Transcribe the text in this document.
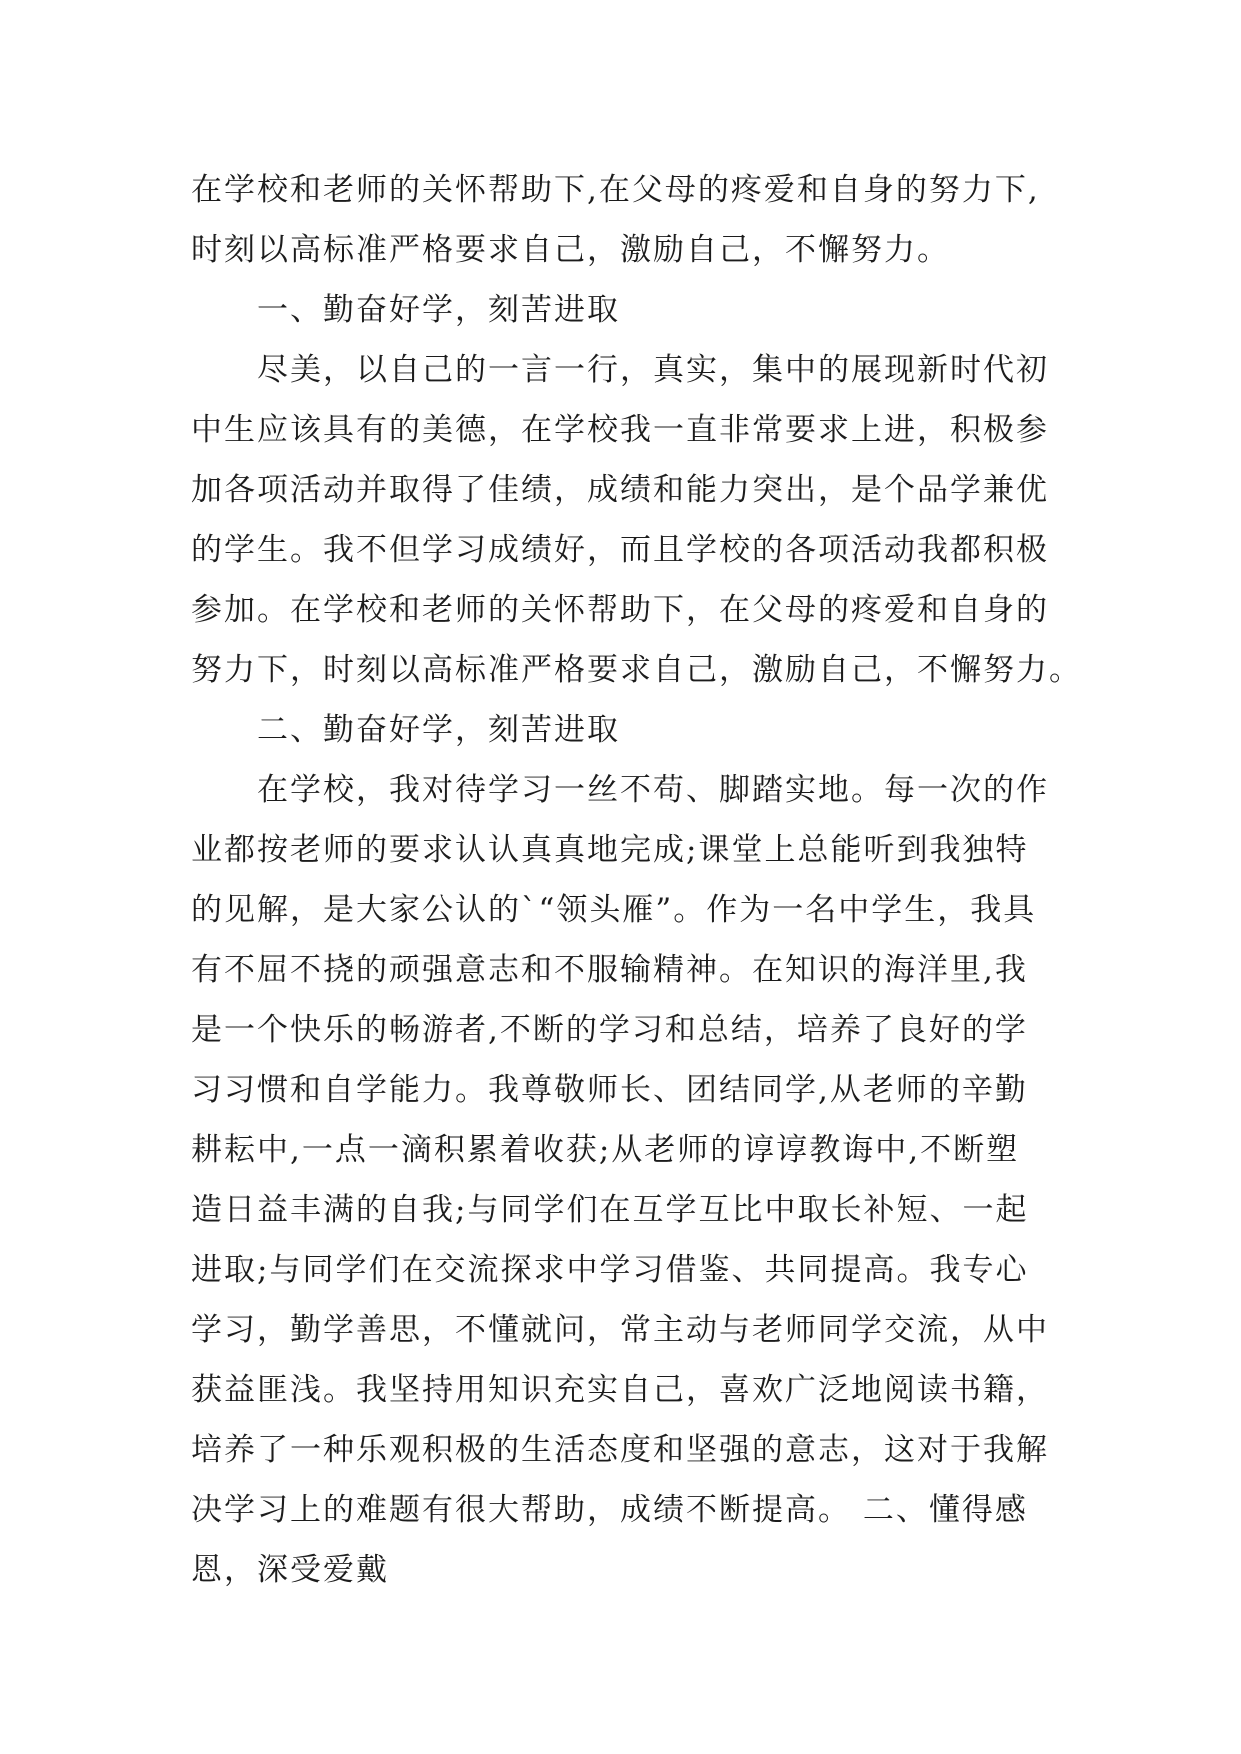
在学校和老师的关怀帮助下,在父母的疼爱和自身的努力下,
时刻以高标准严格要求自己，激励自己，不懈努力。
　　一、勤奋好学，刻苦进取
　　尽美，以自己的一言一行，真实，集中的展现新时代初
中生应该具有的美德，在学校我一直非常要求上进，积极参
加各项活动并取得了佳绩，成绩和能力突出，是个品学兼优
的学生。我不但学习成绩好，而且学校的各项活动我都积极
参加。在学校和老师的关怀帮助下，在父母的疼爱和自身的
努力下，时刻以高标准严格要求自己，激励自己，不懈努力。
　　二、勤奋好学，刻苦进取
　　在学校，我对待学习一丝不苟、脚踏实地。每一次的作
业都按老师的要求认认真真地完成;课堂上总能听到我独特
的见解，是大家公认的`“领头雁”。作为一名中学生，我具
有不屈不挠的顽强意志和不服输精神。在知识的海洋里,我
是一个快乐的畅游者,不断的学习和总结，培养了良好的学
习习惯和自学能力。我尊敬师长、团结同学,从老师的辛勤
耕耘中,一点一滴积累着收获;从老师的谆谆教诲中,不断塑
造日益丰满的自我;与同学们在互学互比中取长补短、一起
进取;与同学们在交流探求中学习借鉴、共同提高。我专心
学习，勤学善思，不懂就问，常主动与老师同学交流，从中
获益匪浅。我坚持用知识充实自己，喜欢广泛地阅读书籍，
培养了一种乐观积极的生活态度和坚强的意志，这对于我解
决学习上的难题有很大帮助，成绩不断提高。 二、懂得感
恩，深受爱戴
